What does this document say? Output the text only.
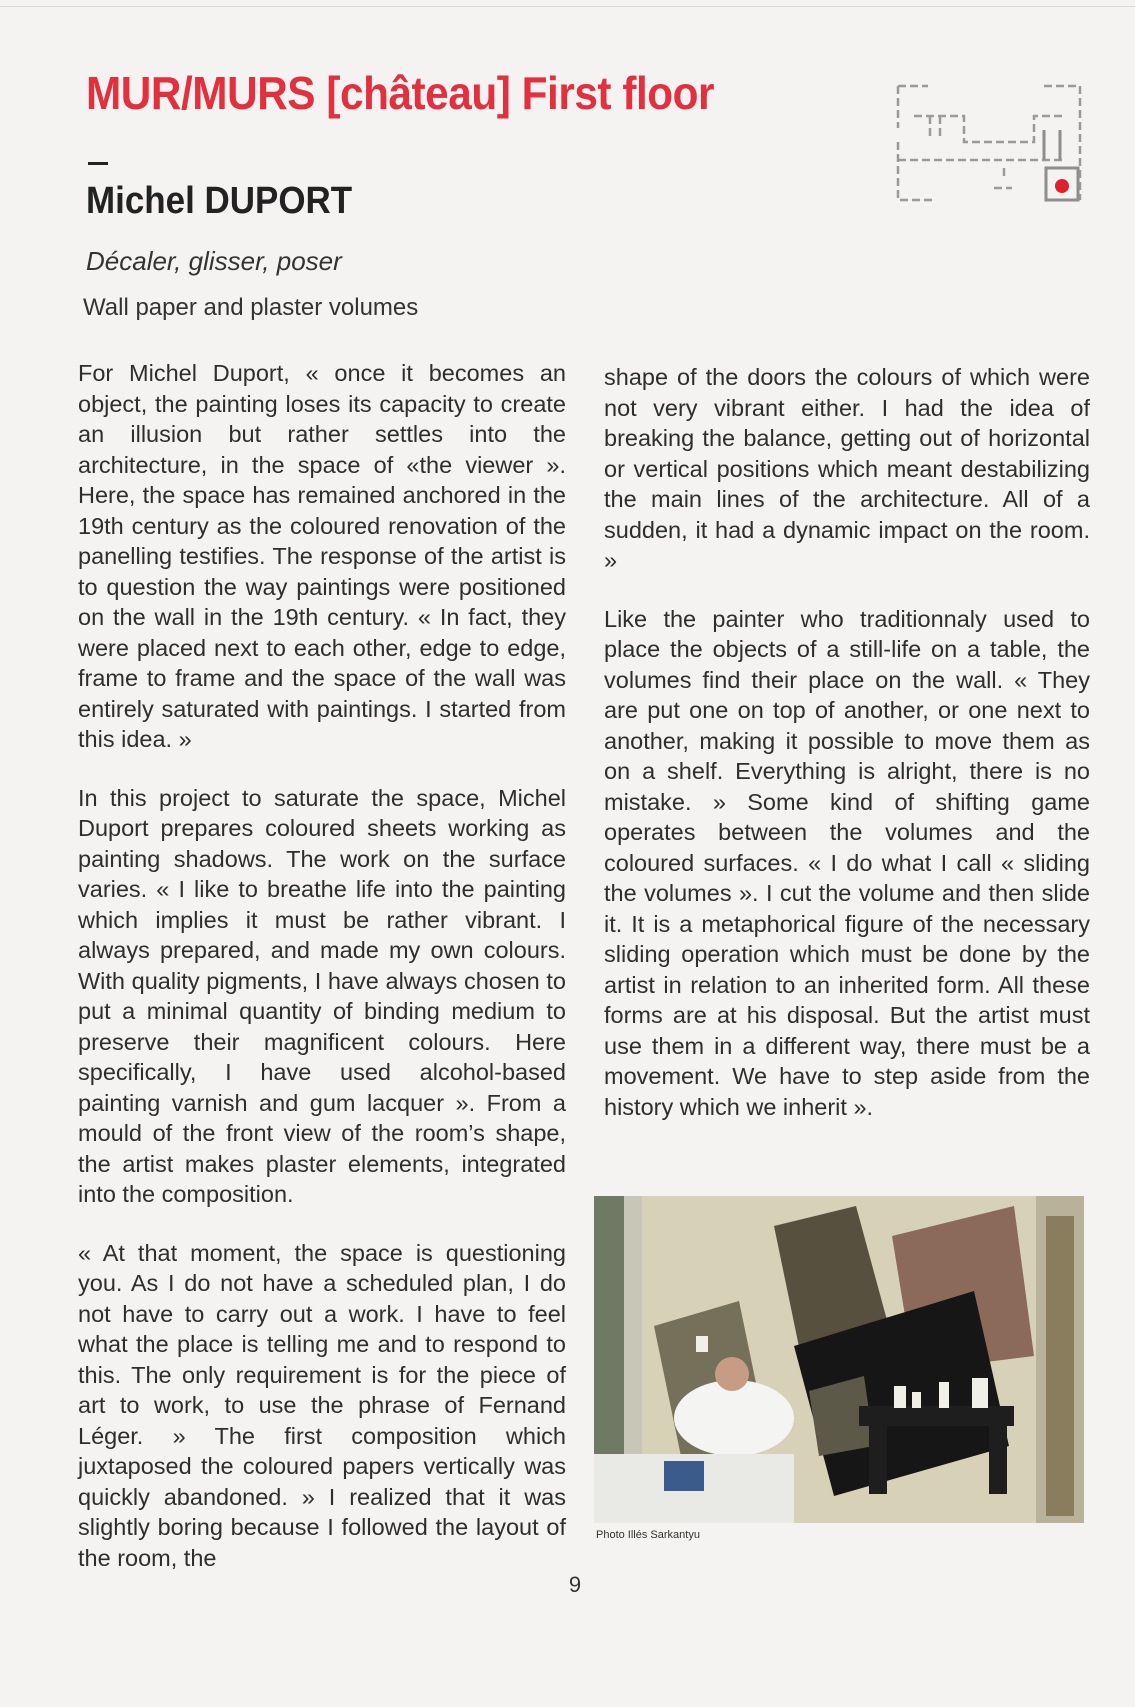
MUR/MURS [château] First floor
Michel DUPORT
Décaler, glisser, poser
Wall paper and plaster volumes

For Michel Duport, « once it becomes an object, the painting loses its capacity to create an illusion but rather settles into the architecture, in the space of «the viewer ». Here, the space has remained anchored in the 19th century as the coloured renovation of the panelling testifies. The response of the artist is to question the way paintings were positioned on the wall in the 19th century. « In fact, they were placed next to each other, edge to edge, frame to frame and the space of the wall was entirely saturated with paintings. I started from this idea. »

In this project to saturate the space, Michel Duport prepares coloured sheets working as painting shadows. The work on the surface varies. « I like to breathe life into the painting which implies it must be rather vibrant. I always prepared, and made my own colours. With quality pigments, I have always chosen to put a minimal quantity of binding medium to preserve their magnificent colours. Here specifically, I have used alcohol-based painting varnish and gum lacquer ». From a mould of the front view of the room’s shape, the artist makes plaster elements, integrated into the composition.

« At that moment, the space is questioning you. As I do not have a scheduled plan, I do not have to carry out a work. I have to feel what the place is telling me and to respond to this. The only requirement is for the piece of art to work, to use the phrase of Fernand Léger. » The first composition which juxtaposed the coloured papers vertically was quickly abandoned. » I realized that it was slightly boring because I followed the layout of the room, the

shape of the doors the colours of which were not very vibrant either. I had the idea of breaking the balance, getting out of horizontal or vertical positions which meant destabilizing the main lines of the architecture. All of a sudden, it had a dynamic impact on the room. »

Like the painter who traditionnaly used to place the objects of a still-life on a table, the volumes find their place on the wall. « They are put one on top of another, or one next to another, making it possible to move them as on a shelf. Everything is alright, there is no mistake. » Some kind of shifting game operates between the volumes and the coloured surfaces. « I do what I call « sliding the volumes ». I cut the volume and then slide it. It is a metaphorical figure of the necessary sliding operation which must be done by the artist in relation to an inherited form. All these forms are at his disposal. But the artist must use them in a different way, there must be a movement. We have to step aside from the history which we inherit ».

Photo Illés Sarkantyu
9
